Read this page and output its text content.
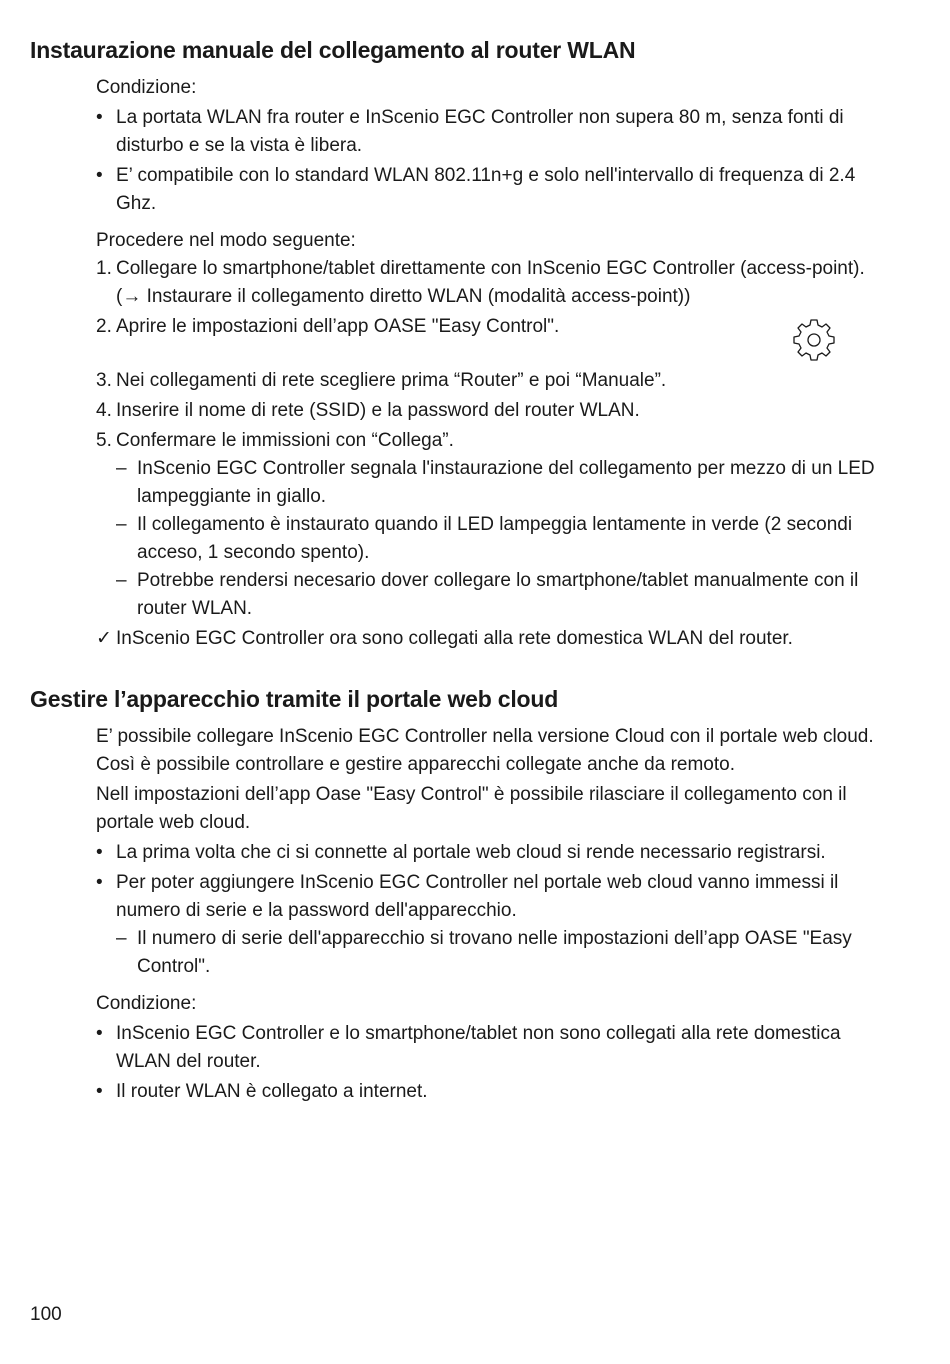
Instaurazione manuale del collegamento al router WLAN

Condizione:

• La portata WLAN fra router e InScenio EGC Controller non supera 80 m, senza fonti di disturbo e se la vista è libera.
• E’ compatibile con lo standard WLAN 802.11n+g e solo nell'intervallo di frequenza di 2.4 Ghz.

Procedere nel modo seguente:

1. Collegare lo smartphone/tablet direttamente con InScenio EGC Controller (access-point). (→ Instaurare il collegamento diretto WLAN (modalità access-point))
2. Aprire le impostazioni dell’app OASE "Easy Control".
3. Nei collegamenti di rete scegliere prima “Router” e poi “Manuale”.
4. Inserire il nome di rete (SSID) e la password del router WLAN.
5. Confermare le immissioni con “Collega”.
– InScenio EGC Controller segnala l'instaurazione del collegamento per mezzo di un LED lampeggiante in giallo.
– Il collegamento è instaurato quando il LED lampeggia lentamente in verde (2 secondi acceso, 1 secondo spento).
– Potrebbe rendersi necesario dover collegare lo smartphone/tablet manualmente con il router WLAN.
✓ InScenio EGC Controller ora sono collegati alla rete domestica WLAN del router.
Gestire l’apparecchio tramite il portale web cloud

E’ possibile collegare InScenio EGC Controller nella versione Cloud con il portale web cloud. Così è possibile controllare e gestire apparecchi collegate anche da remoto.

Nell impostazioni dell’app Oase "Easy Control" è possibile rilasciare il collegamento con il portale web cloud.

• La prima volta che ci si connette al portale web cloud si rende necessario registrarsi.
• Per poter aggiungere InScenio EGC Controller nel portale web cloud vanno immessi il numero di serie e la password dell'apparecchio.
– Il numero di serie dell'apparecchio si trovano nelle impostazioni dell’app OASE "Easy Control".

Condizione:

• InScenio EGC Controller e lo smartphone/tablet non sono collegati alla rete domestica WLAN del router.
• Il router WLAN è collegato a internet.
100
